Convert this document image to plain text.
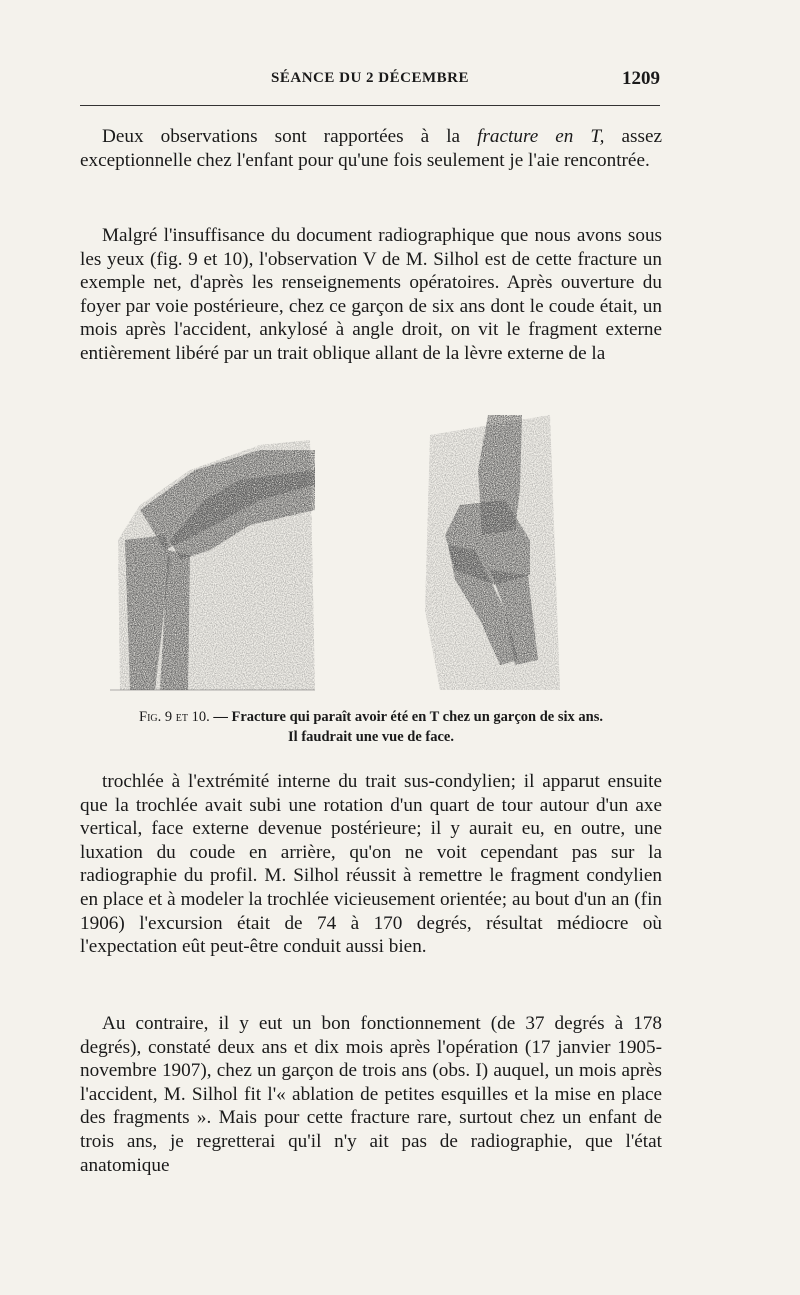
SÉANCE DU 2 DÉCEMBRE	1209

Deux observations sont rapportées à la fracture en T, assez exceptionnelle chez l'enfant pour qu'une fois seulement je l'aie rencontrée.

Malgré l'insuffisance du document radiographique que nous avons sous les yeux (fig. 9 et 10), l'observation V de M. Silhol est de cette fracture un exemple net, d'après les renseignements opératoires. Après ouverture du foyer par voie postérieure, chez ce garçon de six ans dont le coude était, un mois après l'accident, ankylosé à angle droit, on vit le fragment externe entièrement libéré par un trait oblique allant de la lèvre externe de la

Fig. 9 et 10. — Fracture qui paraît avoir été en T chez un garçon de six ans.
Il faudrait une vue de face.

trochlée à l'extrémité interne du trait sus-condylien; il apparut ensuite que la trochlée avait subi une rotation d'un quart de tour autour d'un axe vertical, face externe devenue postérieure; il y aurait eu, en outre, une luxation du coude en arrière, qu'on ne voit cependant pas sur la radiographie du profil. M. Silhol réussit à remettre le fragment condylien en place et à modeler la trochlée vicieusement orientée; au bout d'un an (fin 1906) l'excursion était de 74 à 170 degrés, résultat médiocre où l'expectation eût peut-être conduit aussi bien.

Au contraire, il y eut un bon fonctionnement (de 37 degrés à 178 degrés), constaté deux ans et dix mois après l'opération (17 janvier 1905-novembre 1907), chez un garçon de trois ans (obs. I) auquel, un mois après l'accident, M. Silhol fit l'« ablation de petites esquilles et la mise en place des fragments ». Mais pour cette fracture rare, surtout chez un enfant de trois ans, je regretterai qu'il n'y ait pas de radiographie, que l'état anatomique
